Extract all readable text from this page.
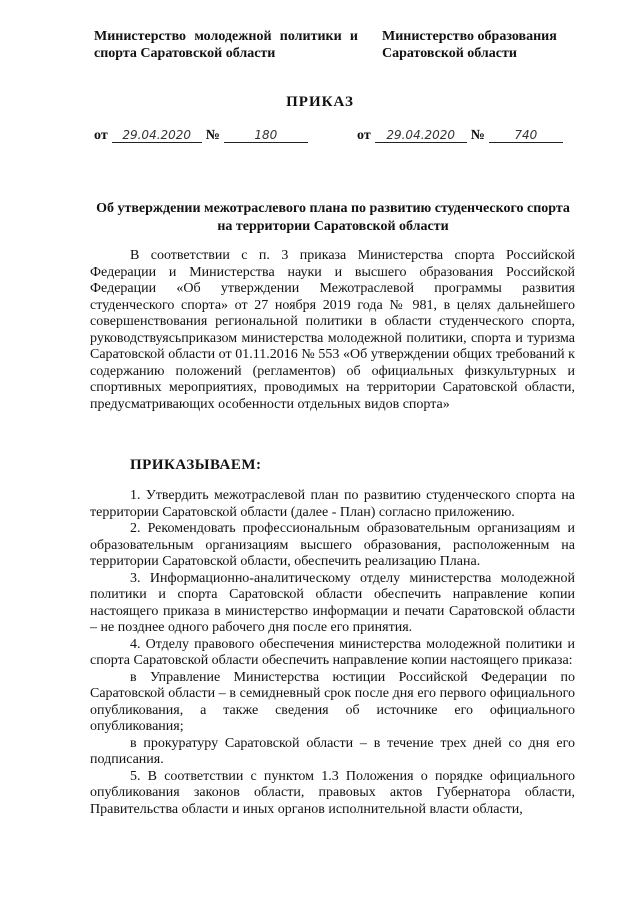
Министерство молодежной политики и спорта Саратовской области
Министерство образования Саратовской области
ПРИКАЗ
от	29.04.2020	№	180	от	29.04.2020	№	740
Об утверждении межотраслевого плана по развитию студенческого спорта на территории Саратовской области

В соответствии с п. 3 приказа Министерства спорта Российской Федерации и Министерства науки и высшего образования Российской Федерации «Об утверждении Межотраслевой программы развития студенческого спорта» от 27 ноября 2019 года № 981, в целях дальнейшего совершенствования региональной политики в области студенческого спорта, руководствуясьприказом министерства молодежной политики, спорта и туризма Саратовской области от 01.11.2016 № 553 «Об утверждении общих требований к содержанию положений (регламентов) об официальных физкультурных и спортивных мероприятиях, проводимых на территории Саратовской области, предусматривающих особенности отдельных видов спорта»

ПРИКАЗЫВАЕМ:

1. Утвердить межотраслевой план по развитию студенческого спорта на территории Саратовской области (далее - План) согласно приложению.

2. Рекомендовать профессиональным образовательным организациям и образовательным организациям высшего образования, расположенным на территории Саратовской области, обеспечить реализацию Плана.

3. Информационно-аналитическому отделу министерства молодежной политики и спорта Саратовской области обеспечить направление копии настоящего приказа в министерство информации и печати Саратовской области – не позднее одного рабочего дня после его принятия.

4. Отделу правового обеспечения министерства молодежной политики и спорта Саратовской области обеспечить направление копии настоящего приказа:

в Управление Министерства юстиции Российской Федерации по Саратовской области – в семидневный срок после дня его первого официального опубликования, а также сведения об источнике его официального опубликования;

в прокуратуру Саратовской области – в течение трех дней со дня его подписания.

5. В соответствии с пунктом 1.3 Положения о порядке официального опубликования законов области, правовых актов Губернатора области, Правительства области и иных органов исполнительной власти области,
